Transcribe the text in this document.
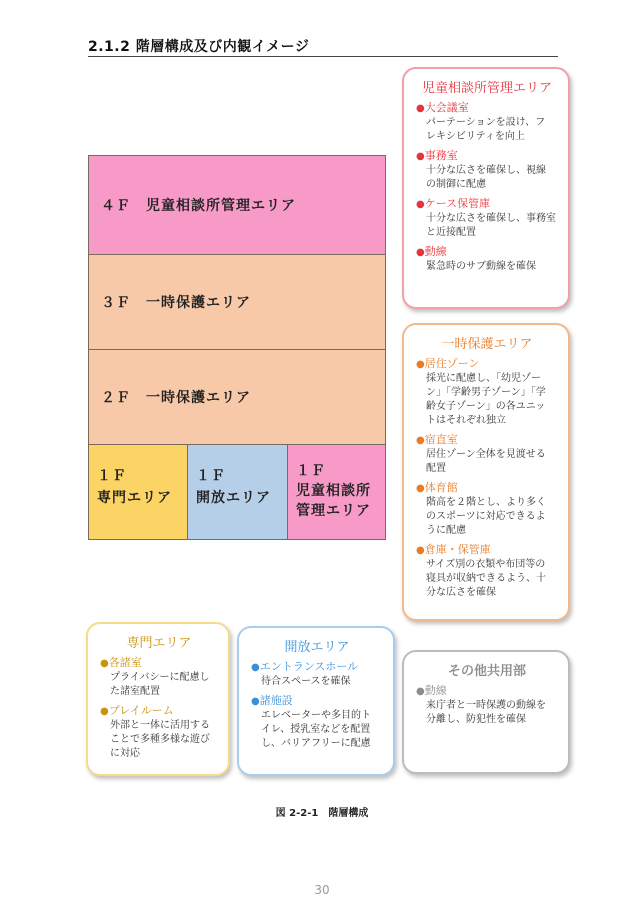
2.1.2 階層構成及び内観イメージ
４Ｆ　児童相談所管理エリア
３Ｆ　一時保護エリア
２Ｆ　一時保護エリア
１Ｆ
専門エリア
１Ｆ
開放エリア
１Ｆ
児童相談所
管理エリア
児童相談所管理エリア
●大会議室
パーテーションを設け、フ
レキシビリティを向上
●事務室
十分な広さを確保し、視線
の制御に配慮
●ケース保管庫
十分な広さを確保し、事務室
と近接配置
●動線
緊急時のサブ動線を確保
一時保護エリア
●居住ゾーン
採光に配慮し、「幼児ゾー
ン」「学齢男子ゾーン」「学
齢女子ゾーン」の各ユニッ
トはそれぞれ独立
●宿直室
居住ゾーン全体を見渡せる
配置
●体育館
階高を２階とし、より多く
のスポーツに対応できるよ
うに配慮
●倉庫・保管庫
サイズ別の衣類や布団等の
寝具が収納できるよう、十
分な広さを確保
専門エリア
●各諸室
プライバシーに配慮し
た諸室配置
●プレイルーム
外部と一体に活用する
ことで多種多様な遊び
に対応
開放エリア
●エントランスホール
待合スペースを確保
●諸施設
エレベーターや多目的ト
イレ、授乳室などを配置
し、バリアフリーに配慮
その他共用部
●動線
来庁者と一時保護の動線を
分離し、防犯性を確保
図 2-2-1　階層構成
30
